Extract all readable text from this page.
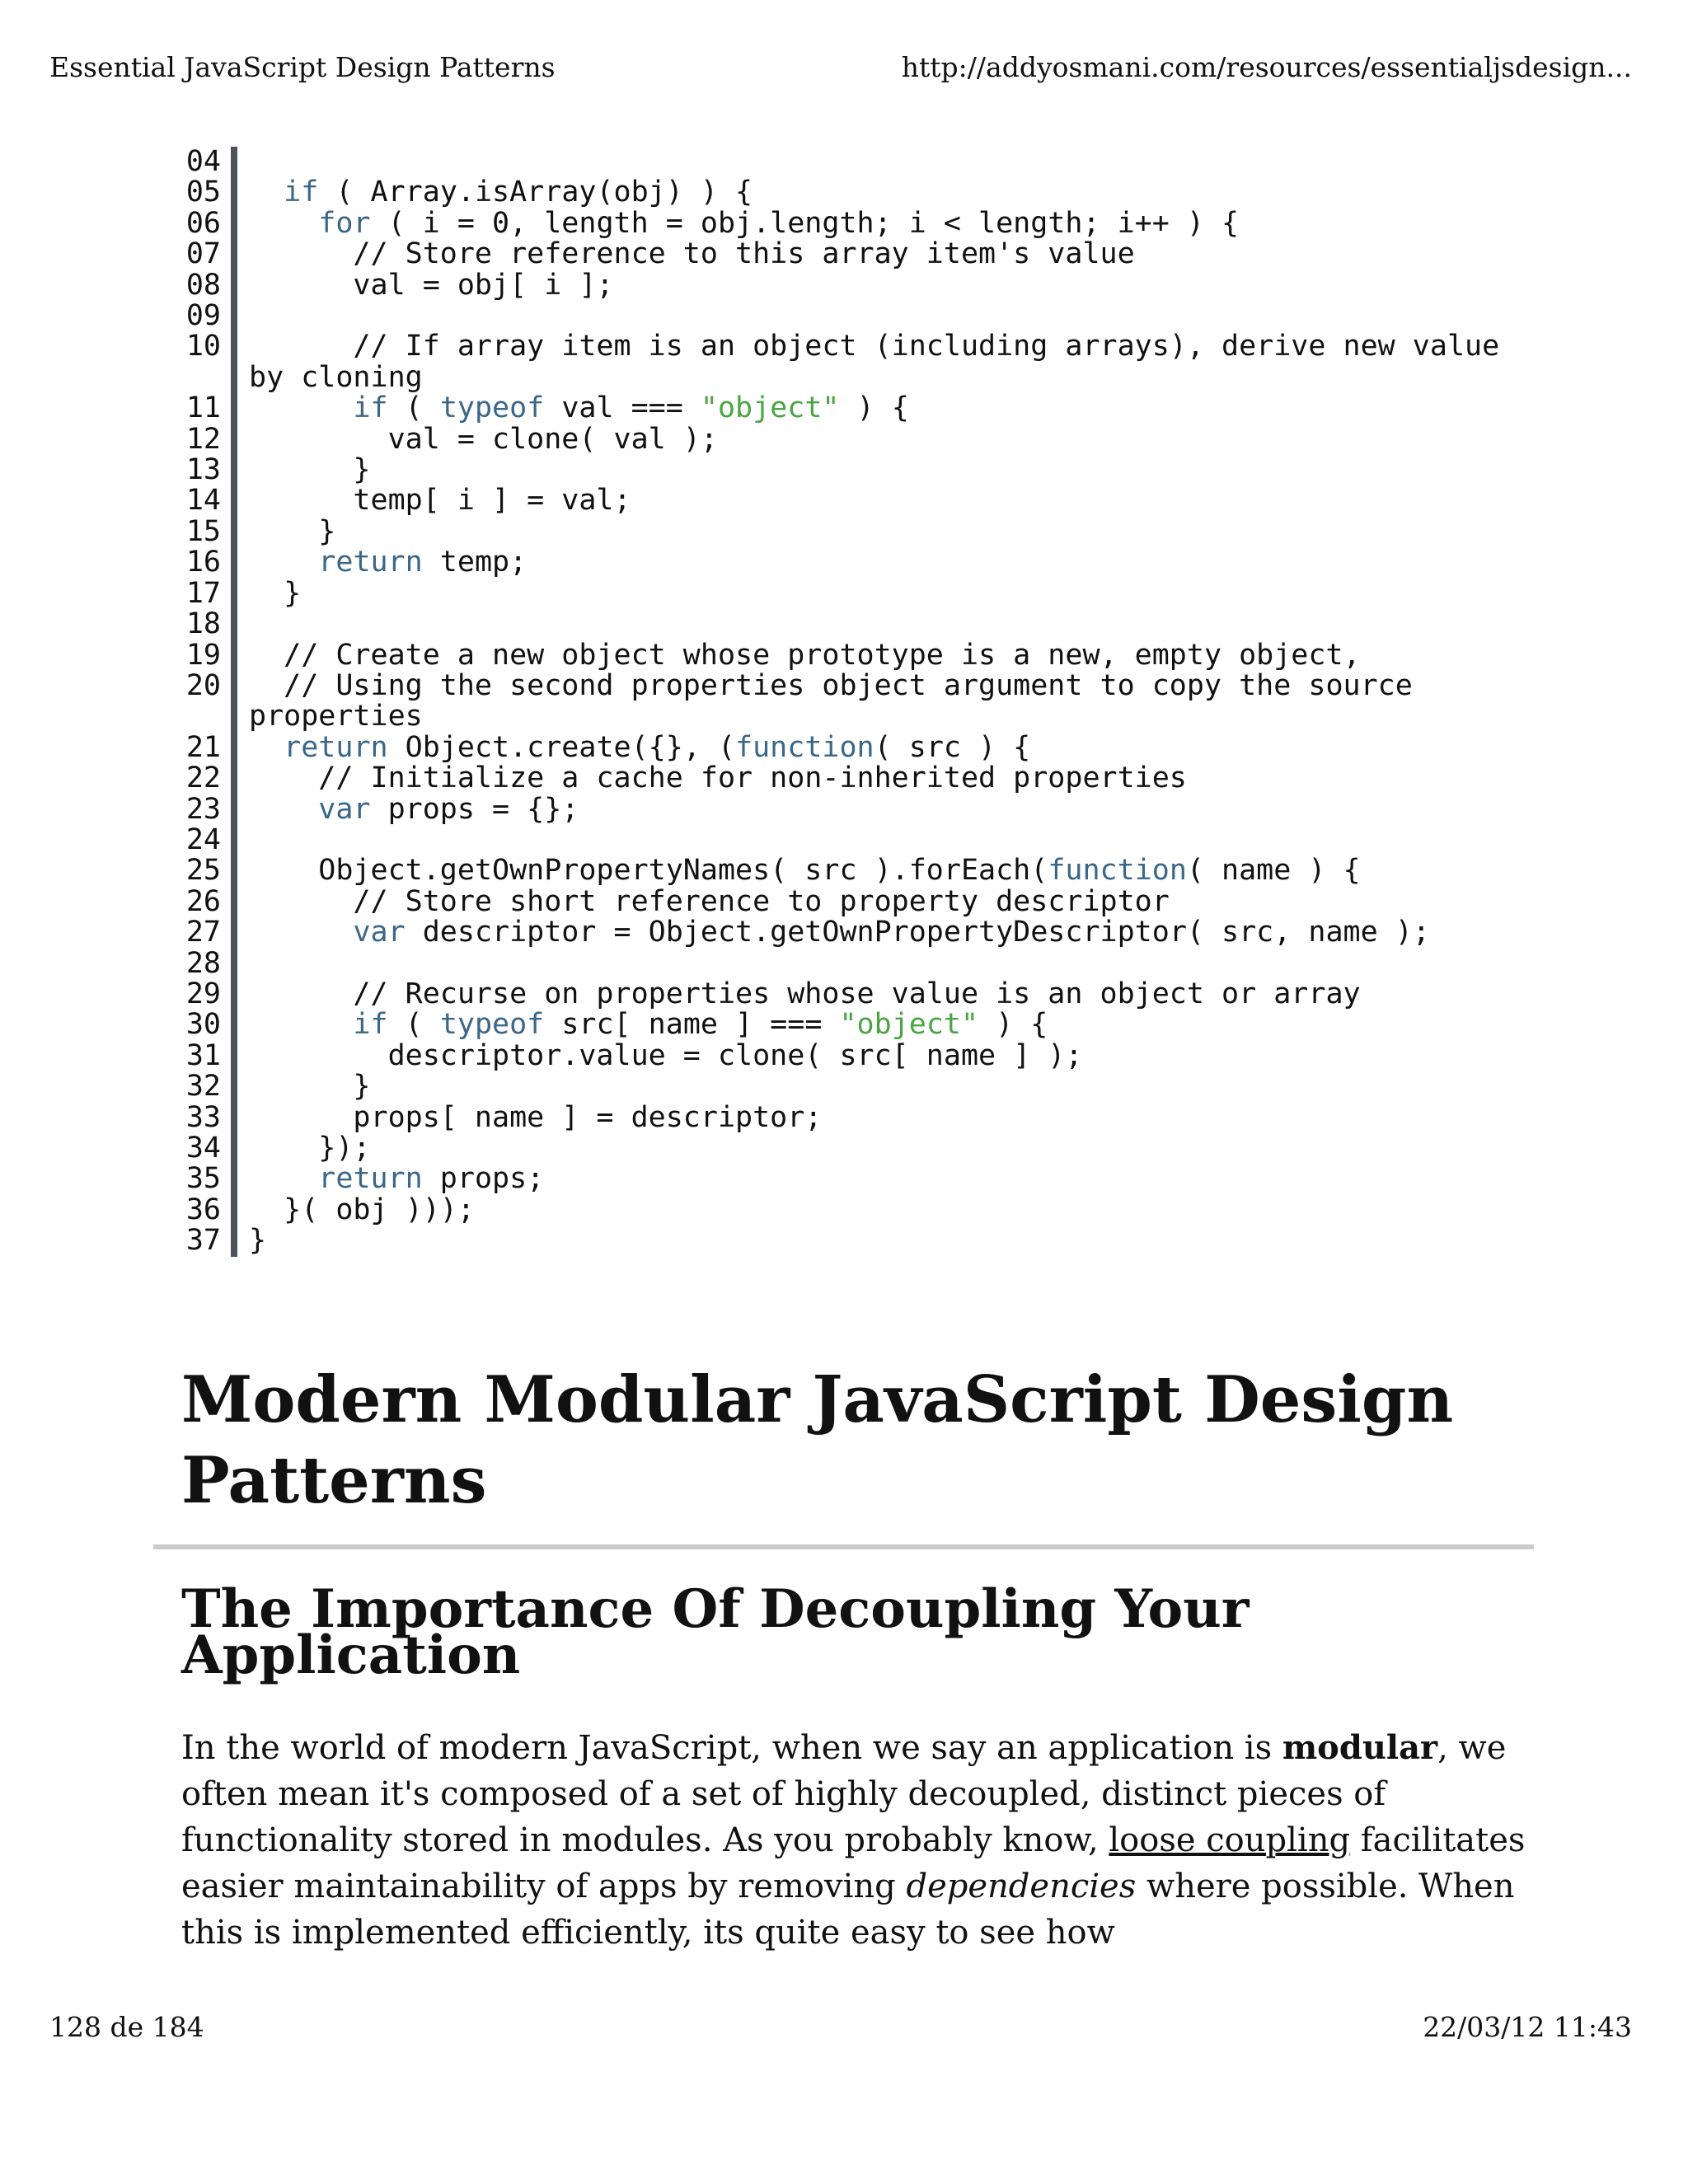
Essential JavaScript Design Patterns	http://addyosmani.com/resources/essentialjsdesign...
04
05
06
07
08
09
10

11
12
13
14
15
16
17
18
19
20

21
22
23
24
25
26
27
28
29
30
31
32
33
34
35
36
37
if ( Array.isArray(obj) ) {
for ( i = 0, length = obj.length; i < length; i++ ) {
// Store reference to this array item's value
val = obj[ i ];
// If array item is an object (including arrays), derive new value
by cloning
if ( typeof val === "object" ) {
val = clone( val );
}
temp[ i ] = val;
}
return temp;
}
// Create a new object whose prototype is a new, empty object,
// Using the second properties object argument to copy the source
properties
return Object.create({}, (function( src ) {
// Initialize a cache for non-inherited properties
var props = {};
Object.getOwnPropertyNames( src ).forEach(function( name ) {
// Store short reference to property descriptor
var descriptor = Object.getOwnPropertyDescriptor( src, name );
// Recurse on properties whose value is an object or array
if ( typeof src[ name ] === "object" ) {
descriptor.value = clone( src[ name ] );
}
props[ name ] = descriptor;
});
return props;
}( obj )));
}
Modern Modular JavaScript Design
Patterns
The Importance Of Decoupling Your
Application

In the world of modern JavaScript, when we say an application is modular, we often mean it's composed of a set of highly decoupled, distinct pieces of functionality stored in modules. As you probably know, loose coupling facilitates easier maintainability of apps by removing dependencies where possible. When this is implemented efficiently, its quite easy to see how

128 de 184	22/03/12 11:43
